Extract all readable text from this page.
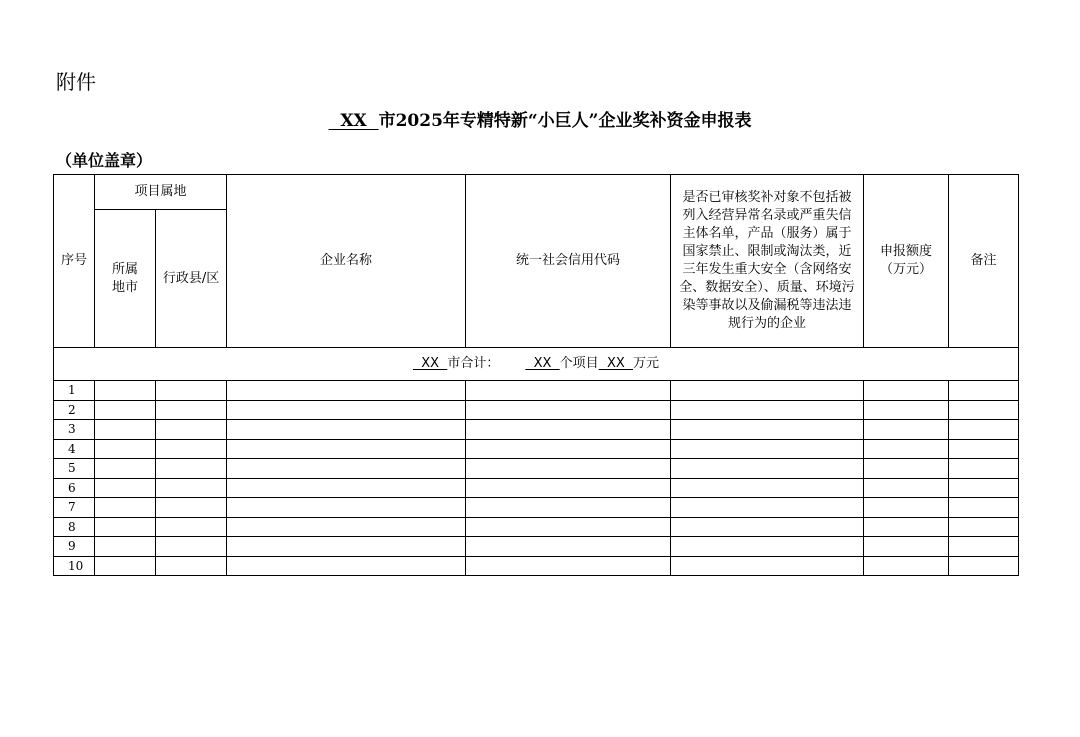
附件
XX  市2025年专精特新“小巨人”企业奖补资金申报表
（单位盖章）
序号	项目属地		企业名称	统一社会信用代码	是否已审核奖补对象不包括被列入经营异常名录或严重失信主体名单，产品（服务）属于国家禁止、限制或淘汰类，近三年发生重大安全（含网络安全、数据安全）、质量、环境污染等事故以及偷漏税等违法违规行为的企业	申报额度（万元）	备注
	所属地市	行政县/区					
XX  市合计：  XX  个项目  XX  万元							
1							
2							
3							
4							
5							
6							
7							
8							
9							
10							
